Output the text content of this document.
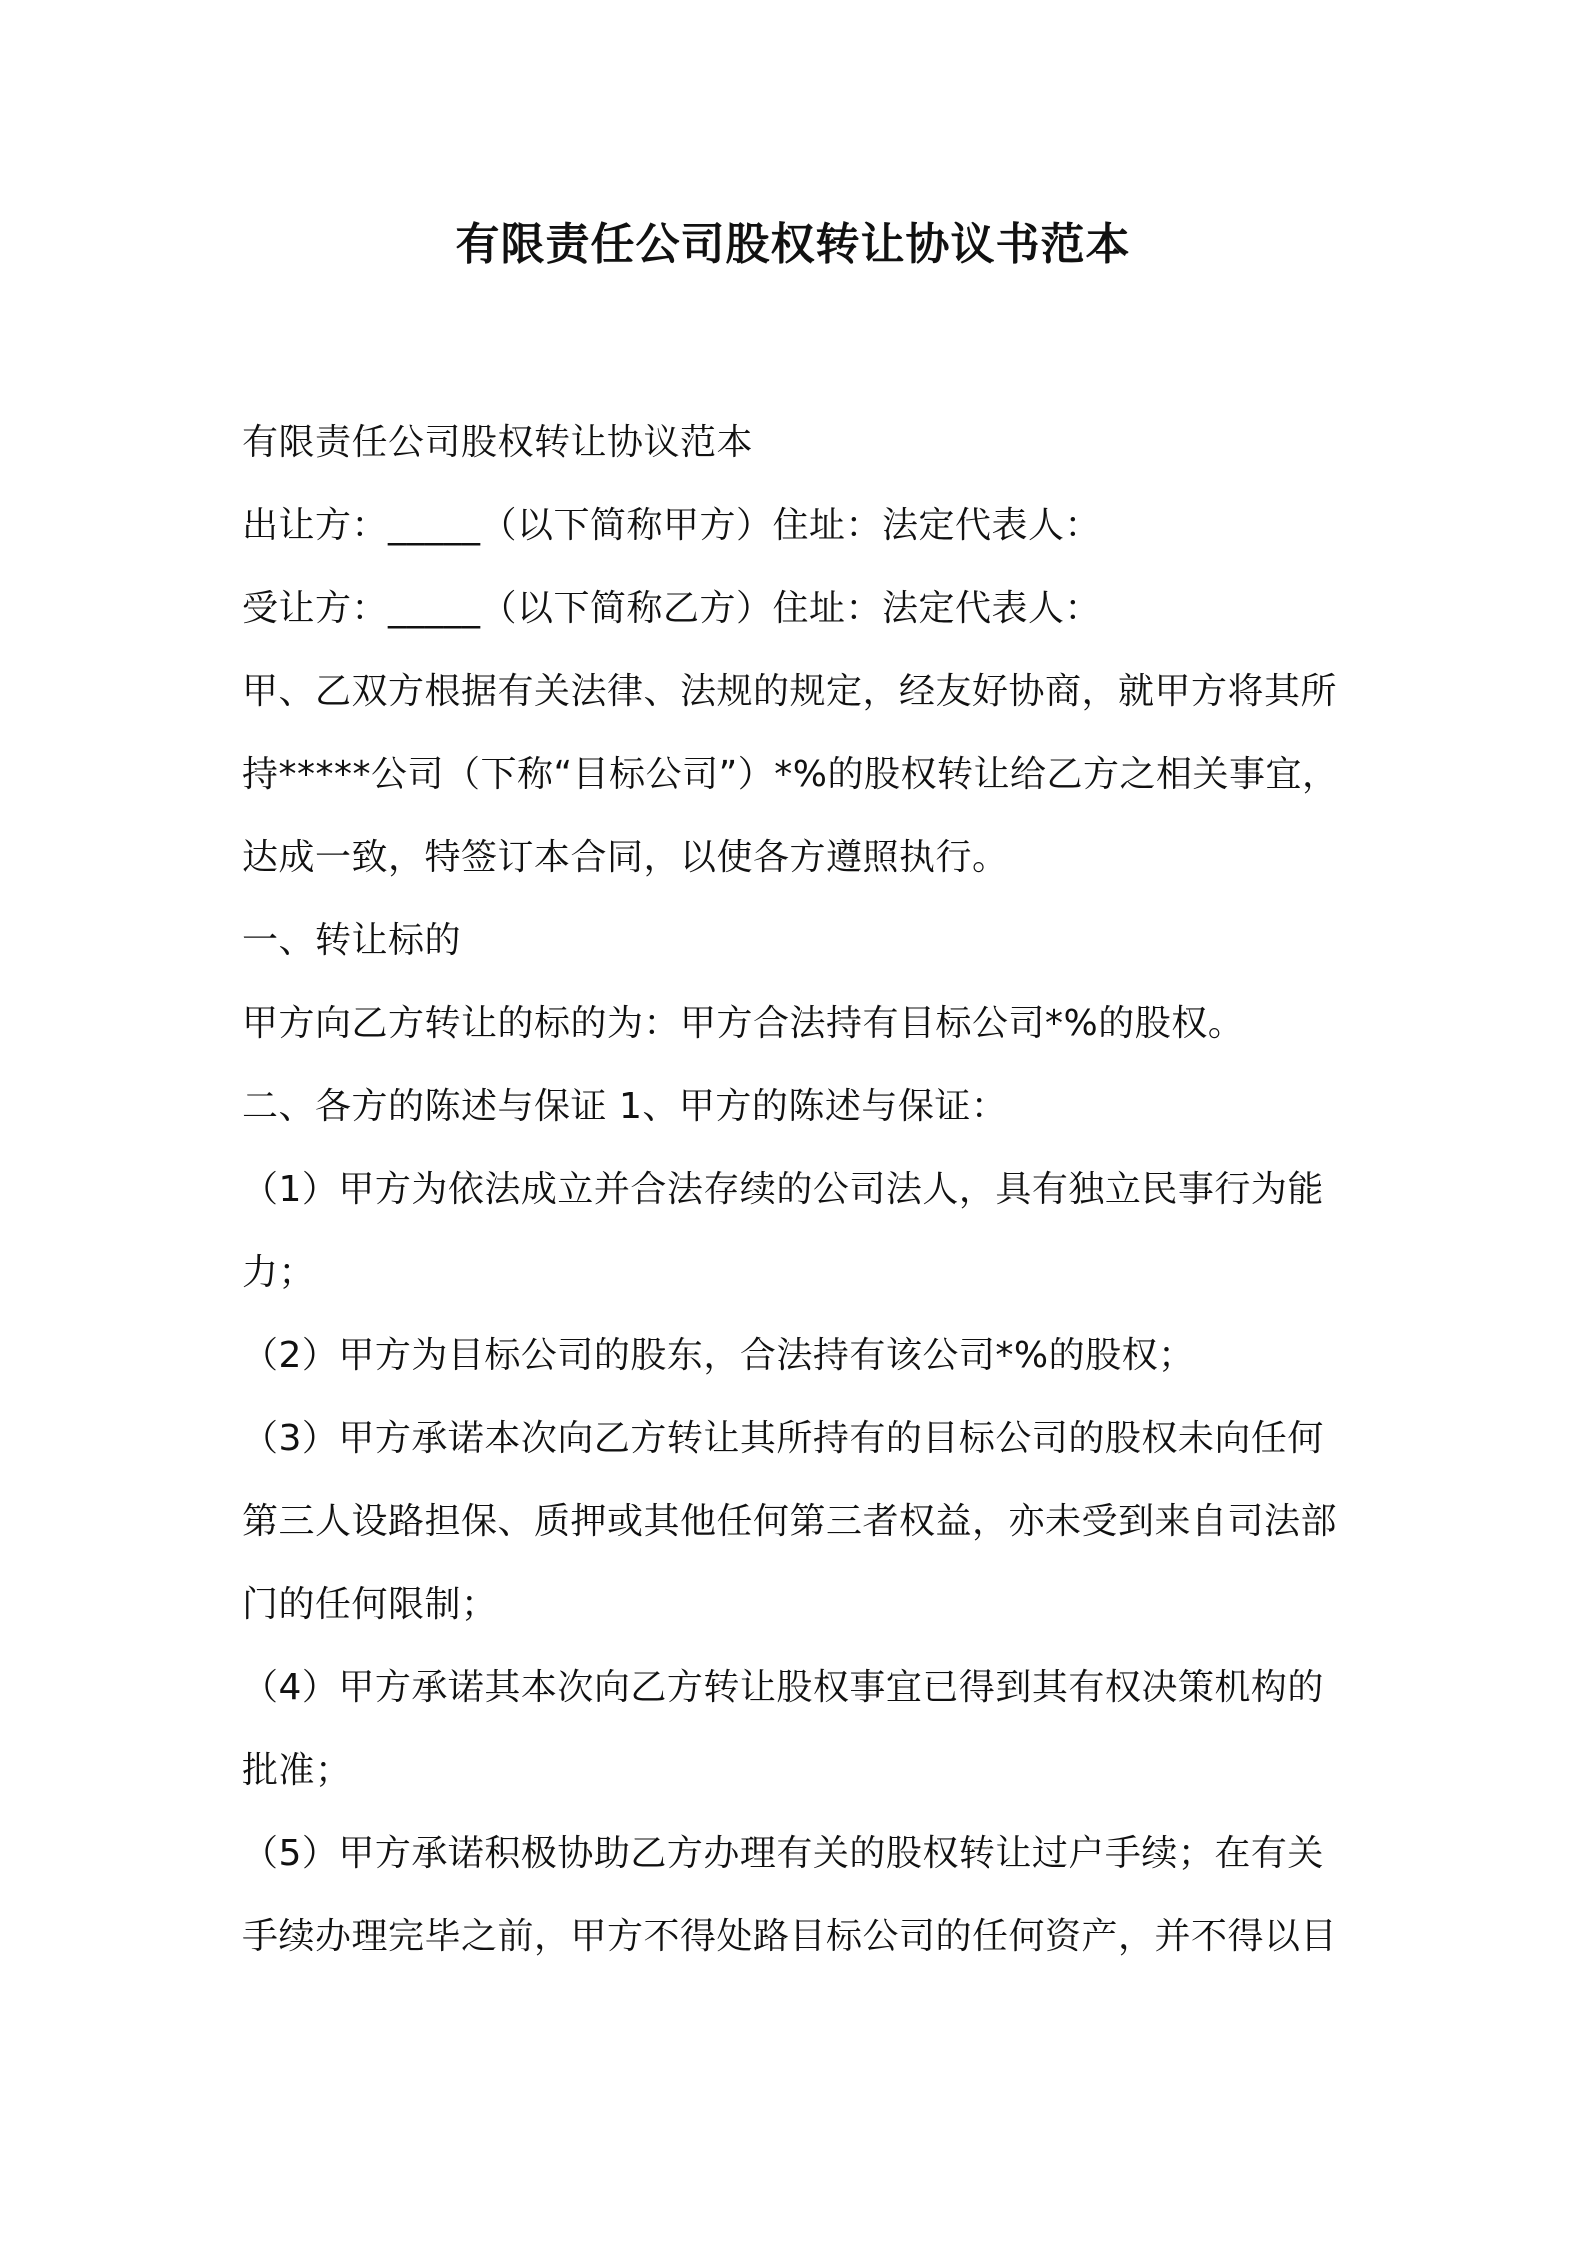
有限责任公司股权转让协议书范本
有限责任公司股权转让协议范本
出让方：_____（以下简称甲方）住址：法定代表人：
受让方：_____（以下简称乙方）住址：法定代表人：
甲、乙双方根据有关法律、法规的规定，经友好协商，就甲方将其所
持*****公司（下称“目标公司”）*%的股权转让给乙方之相关事宜，
达成一致，特签订本合同，以使各方遵照执行。
一、转让标的
甲方向乙方转让的标的为：甲方合法持有目标公司*%的股权。
二、各方的陈述与保证 1、甲方的陈述与保证：
（1）甲方为依法成立并合法存续的公司法人，具有独立民事行为能
力；
（2）甲方为目标公司的股东，合法持有该公司*%的股权；
（3）甲方承诺本次向乙方转让其所持有的目标公司的股权未向任何
第三人设路担保、质押或其他任何第三者权益，亦未受到来自司法部
门的任何限制；
（4）甲方承诺其本次向乙方转让股权事宜已得到其有权决策机构的
批准；
（5）甲方承诺积极协助乙方办理有关的股权转让过户手续；在有关
手续办理完毕之前，甲方不得处路目标公司的任何资产，并不得以目
